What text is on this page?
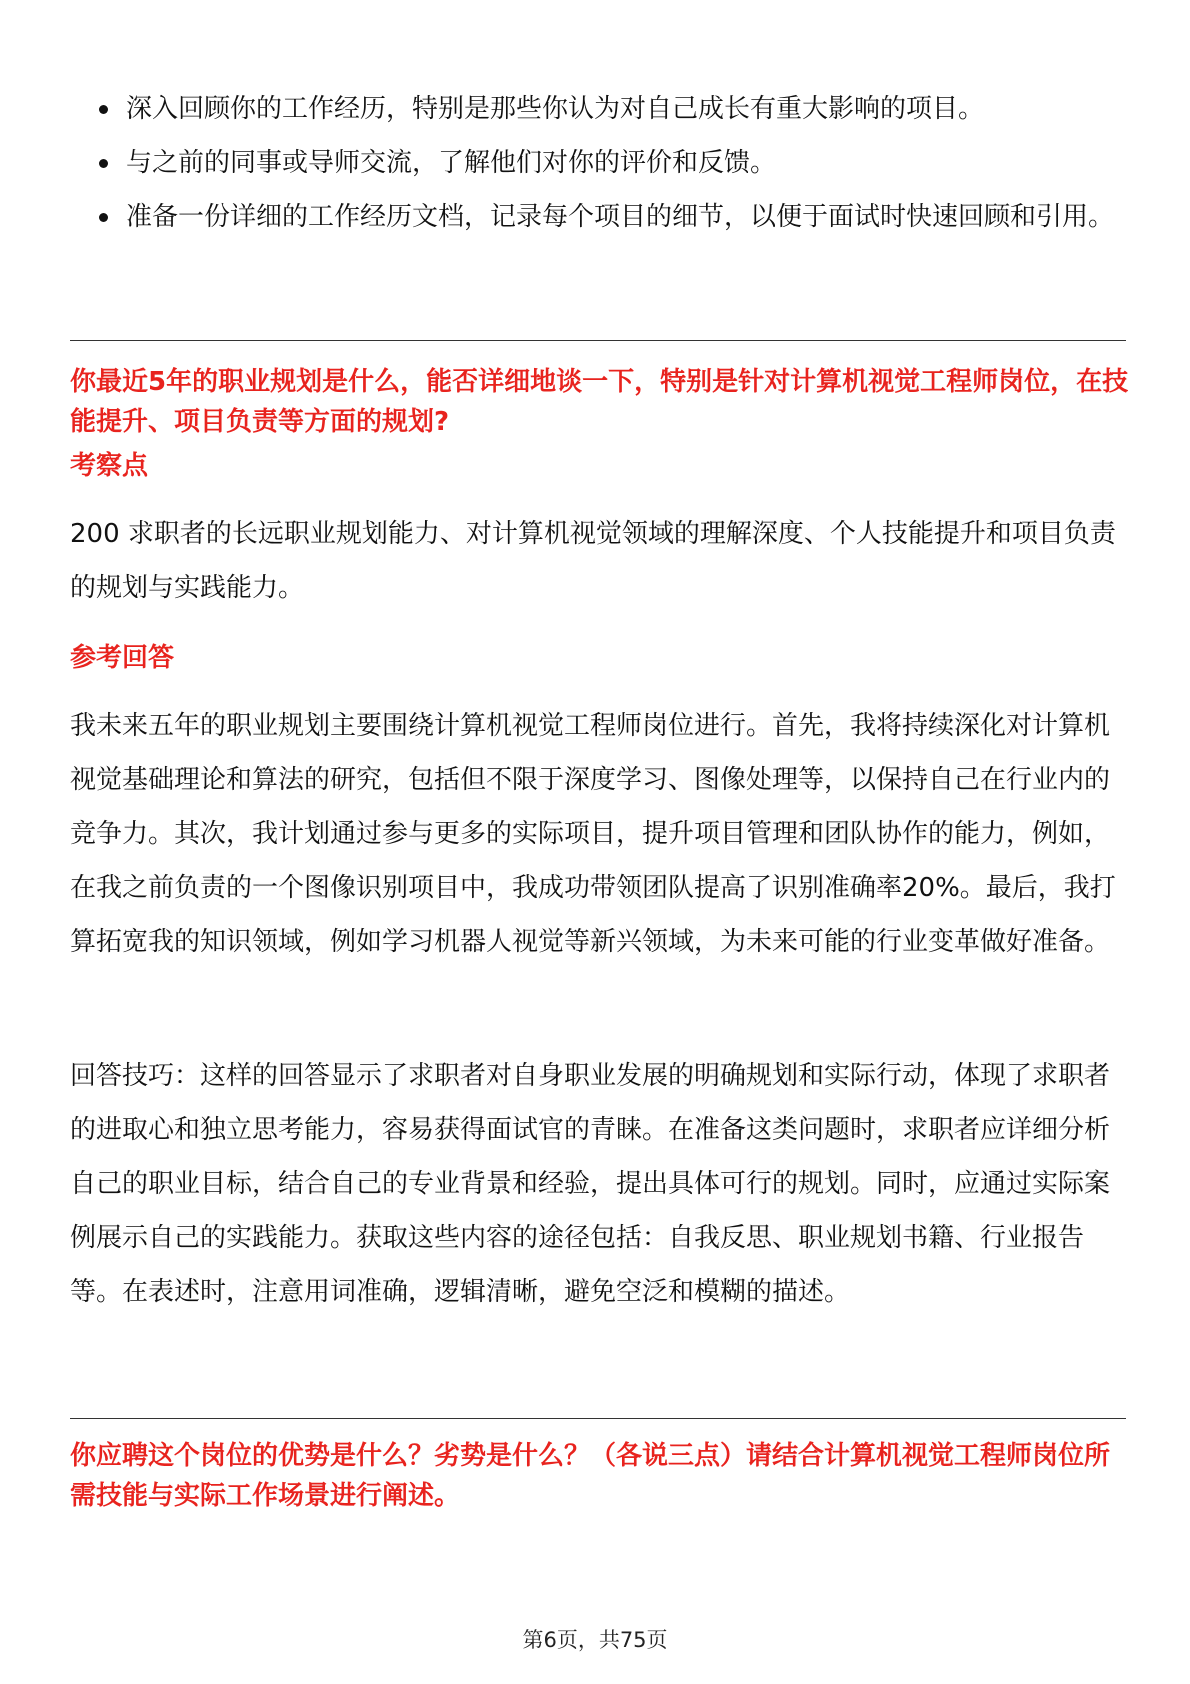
深入回顾你的工作经历，特别是那些你认为对自己成长有重大影响的项目。
与之前的同事或导师交流，了解他们对你的评价和反馈。
准备一份详细的工作经历文档，记录每个项目的细节，以便于面试时快速回顾和引用。

你最近5年的职业规划是什么，能否详细地谈一下，特别是针对计算机视觉工程师岗位，在技能提升、项目负责等方面的规划?

考察点

200 求职者的长远职业规划能力、对计算机视觉领域的理解深度、个人技能提升和项目负责的规划与实践能力。

参考回答

我未来五年的职业规划主要围绕计算机视觉工程师岗位进行。首先，我将持续深化对计算机视觉基础理论和算法的研究，包括但不限于深度学习、图像处理等，以保持自己在行业内的竞争力。其次，我计划通过参与更多的实际项目，提升项目管理和团队协作的能力，例如，在我之前负责的一个图像识别项目中，我成功带领团队提高了识别准确率20%。最后，我打算拓宽我的知识领域，例如学习机器人视觉等新兴领域，为未来可能的行业变革做好准备。

回答技巧：这样的回答显示了求职者对自身职业发展的明确规划和实际行动，体现了求职者的进取心和独立思考能力，容易获得面试官的青睐。在准备这类问题时，求职者应详细分析自己的职业目标，结合自己的专业背景和经验，提出具体可行的规划。同时，应通过实际案例展示自己的实践能力。获取这些内容的途径包括：自我反思、职业规划书籍、行业报告等。在表述时，注意用词准确，逻辑清晰，避免空泛和模糊的描述。

你应聘这个岗位的优势是什么？劣势是什么？（各说三点）请结合计算机视觉工程师岗位所需技能与实际工作场景进行阐述。

第6页，共75页
